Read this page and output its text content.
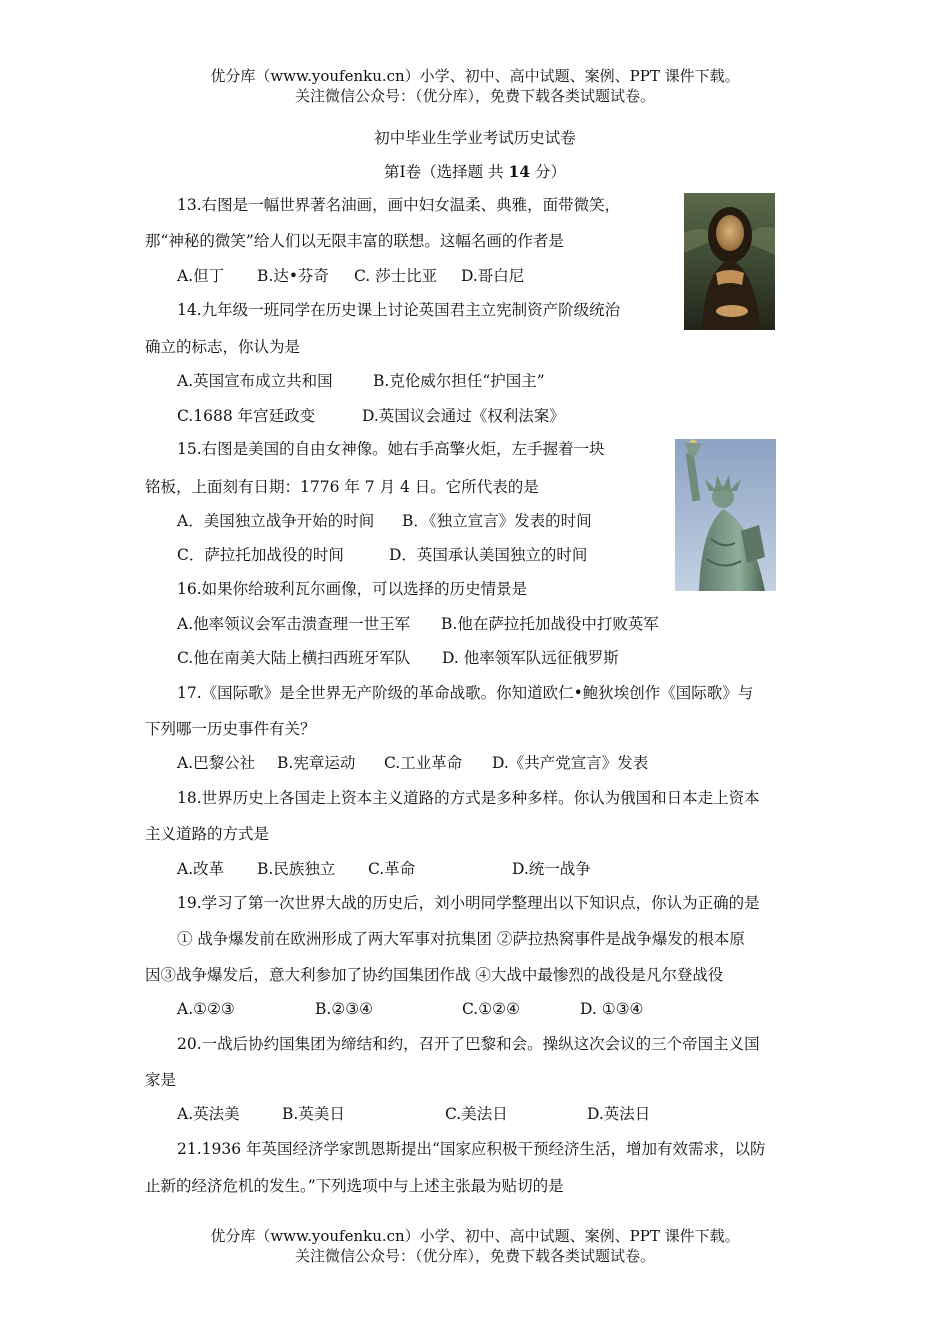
优分库（www.youfenku.cn）小学、初中、高中试题、案例、PPT 课件下载。
关注微信公众号：（优分库），免费下载各类试题试卷。
初中毕业生学业考试历史试卷
第Ⅰ卷（选择题 共 14 分）
13.右图是一幅世界著名油画，画中妇女温柔、典雅，面带微笑，
那“神秘的微笑”给人们以无限丰富的联想。这幅名画的作者是
A.但丁 B.达•芬奇 C. 莎士比亚 D.哥白尼
14.九年级一班同学在历史课上讨论英国君主立宪制资产阶级统治
确立的标志，你认为是
A.英国宣布成立共和国	B.克伦威尔担任“护国主”
C.1688 年宫廷政变	D.英国议会通过《权利法案》
15.右图是美国的自由女神像。她右手高擎火炬，左手握着一块
铭板，上面刻有日期：1776 年 7 月 4 日。它所代表的是
A．美国独立战争开始的时间 B．《独立宣言》发表的时间
C．萨拉托加战役的时间	D．英国承认美国独立的时间
16.如果你给玻利瓦尔画像，可以选择的历史情景是
A.他率领议会军击溃查理一世王军 B.他在萨拉托加战役中打败英军
C.他在南美大陆上横扫西班牙军队 D. 他率领军队远征俄罗斯
17.《国际歌》是全世界无产阶级的革命战歌。你知道欧仁•鲍狄埃创作《国际歌》与
下列哪一历史事件有关？
A.巴黎公社 B.宪章运动 C.工业革命 D.《共产党宣言》发表
18.世界历史上各国走上资本主义道路的方式是多种多样。你认为俄国和日本走上资本
主义道路的方式是
A.改革 B.民族独立 C.革命	D.统一战争
19.学习了第一次世界大战的历史后，刘小明同学整理出以下知识点，你认为正确的是
① 战争爆发前在欧洲形成了两大军事对抗集团 ②萨拉热窝事件是战争爆发的根本原
因③战争爆发后，意大利参加了协约国集团作战 ④大战中最惨烈的战役是凡尔登战役
A.①②③	B.②③④	C.①②④	D. ①③④
20.一战后协约国集团为缔结和约，召开了巴黎和会。操纵这次会议的三个帝国主义国
家是
A.英法美	B.英美日	C.美法日	D.英法日
21.1936 年英国经济学家凯恩斯提出“国家应积极干预经济生活，增加有效需求，以防
止新的经济危机的发生。”下列选项中与上述主张最为贴切的是
优分库（www.youfenku.cn）小学、初中、高中试题、案例、PPT 课件下载。
关注微信公众号：（优分库），免费下载各类试题试卷。
